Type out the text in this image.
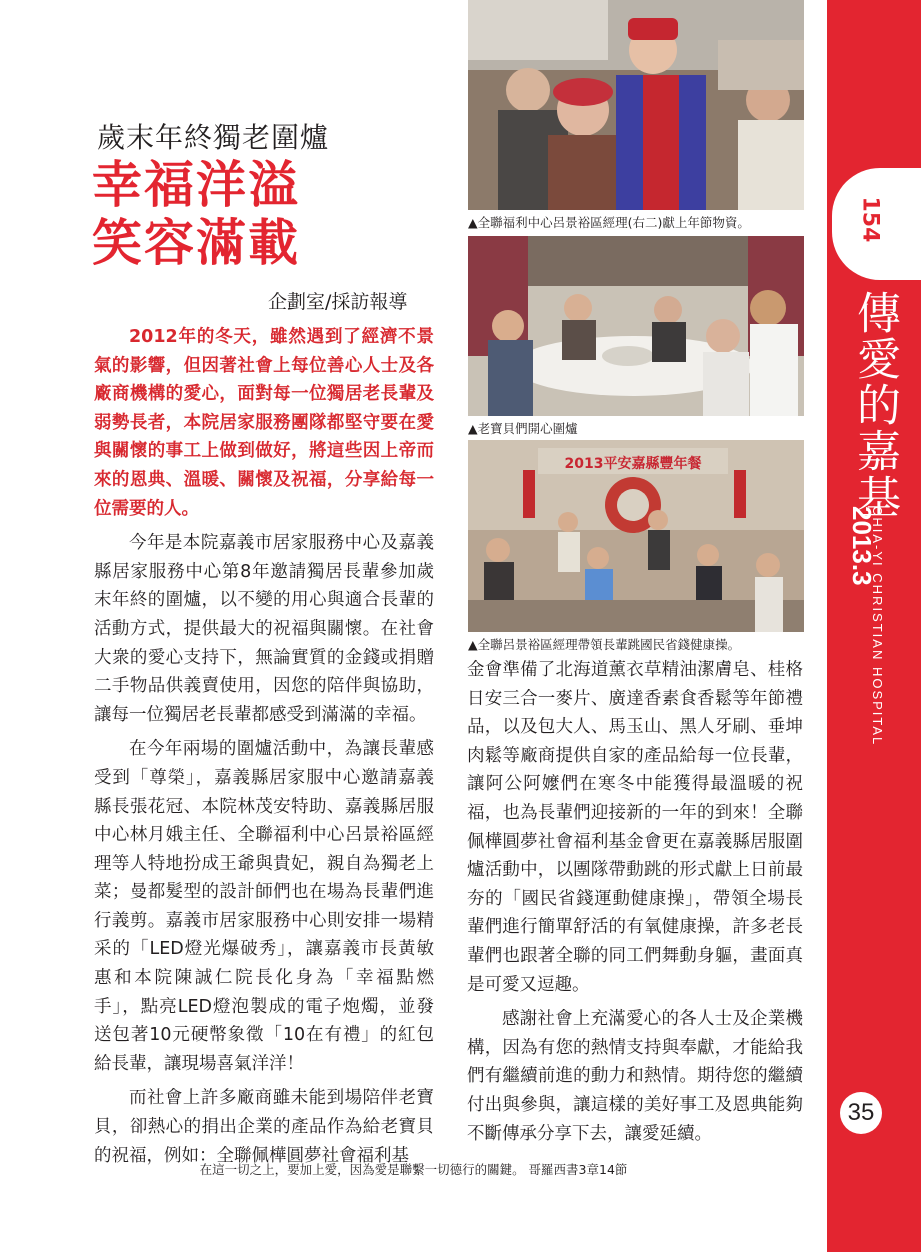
154
傳愛的嘉基
2013.3
CHIA-YI CHRISTIAN HOSPITAL
35
歲末年終獨老圍爐
幸福洋溢
笑容滿載
企劃室/採訪報導

2012年的冬天，雖然遇到了經濟不景氣的影響，但因著社會上每位善心人士及各廠商機構的愛心，面對每一位獨居老長輩及弱勢長者，本院居家服務團隊都堅守要在愛與關懷的事工上做到做好，將這些因上帝而來的恩典、溫暖、關懷及祝福，分享給每一位需要的人。

今年是本院嘉義市居家服務中心及嘉義縣居家服務中心第8年邀請獨居長輩參加歲末年終的圍爐，以不變的用心與適合長輩的活動方式，提供最大的祝福與關懷。在社會大衆的愛心支持下，無論實質的金錢或捐贈二手物品供義賣使用，因您的陪伴與協助，讓每一位獨居老長輩都感受到滿滿的幸福。

在今年兩場的圍爐活動中，為讓長輩感受到「尊榮」，嘉義縣居家服中心邀請嘉義縣長張花冠、本院林茂安特助、嘉義縣居服中心林月娥主任、全聯福利中心呂景裕區經理等人特地扮成王爺與貴妃，親自為獨老上菜；曼都髮型的設計師們也在場為長輩們進行義剪。嘉義市居家服務中心則安排一場精采的「LED燈光爆破秀」，讓嘉義市長黃敏惠和本院陳誠仁院長化身為「幸福點燃手」，點亮LED燈泡製成的電子炮燭，並發送包著10元硬幣象徵「10在有禮」的紅包給長輩，讓現場喜氣洋洋！

而社會上許多廠商雖未能到場陪伴老寶貝，卻熱心的捐出企業的產品作為給老寶貝的祝福，例如：全聯佩樺圓夢社會福利基

▲全聯福利中心呂景裕區經理(右二)獻上年節物資。
▲老寶貝們開心圍爐
2013平安嘉縣豐年餐
▲全聯呂景裕區經理帶領長輩跳國民省錢健康操。

金會準備了北海道薰衣草精油潔膚皂、桂格日安三合一麥片、廣達香素食香鬆等年節禮品，以及包大人、馬玉山、黑人牙刷、垂坤肉鬆等廠商提供自家的產品給每一位長輩，讓阿公阿嬤們在寒冬中能獲得最溫暖的祝福，也為長輩們迎接新的一年的到來！全聯佩樺圓夢社會福利基金會更在嘉義縣居服圍爐活動中，以團隊帶動跳的形式獻上日前最夯的「國民省錢運動健康操」，帶領全場長輩們進行簡單舒活的有氧健康操，許多老長輩們也跟著全聯的同工們舞動身軀，畫面真是可愛又逗趣。

感謝社會上充滿愛心的各人士及企業機構，因為有您的熱情支持與奉獻，才能給我們有繼續前進的動力和熱情。期待您的繼續付出與參與，讓這樣的美好事工及恩典能夠不斷傳承分享下去，讓愛延續。

在這一切之上，要加上愛，因為愛是聯繫一切德行的關鍵。 哥羅西書3章14節
